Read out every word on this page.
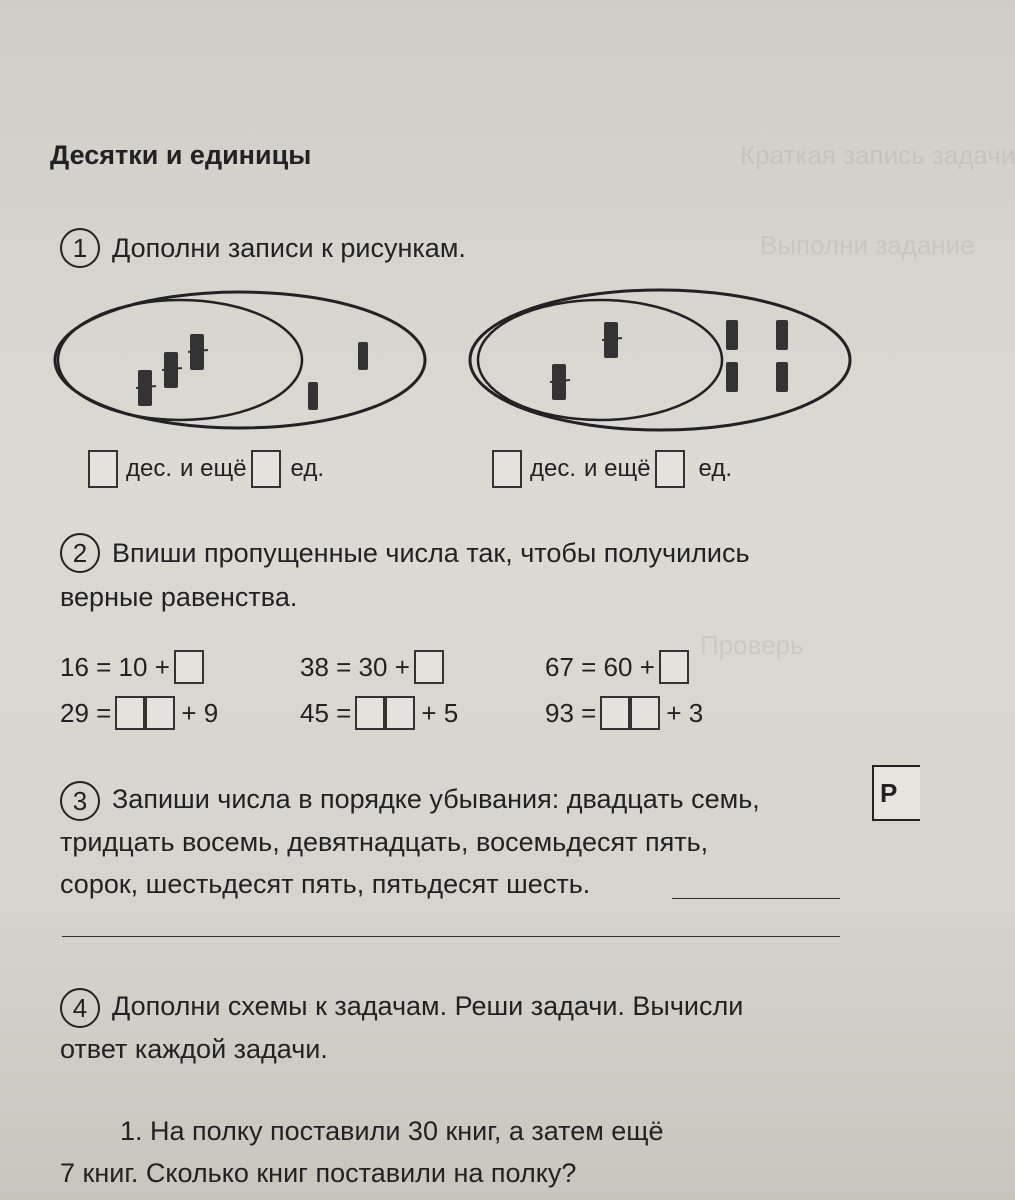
Краткая запись задачи
Выполни задание
Проверь
Десятки и единицы
1 Дополни записи к рисункам.
дес. и ещё ед.	дес. и ещё ед.
2 Впиши пропущенные числа так, чтобы получились
верные равенства.
16 = 10 +	38 = 30 +	67 = 60 +
29 =	+ 9	45 =	+ 5	93 =	+ 3
3 Запиши числа в порядке убывания: двадцать семь,
тридцать восемь, девятнадцать, восемьдесят пять,
сорок, шестьдесят пять, пятьдесят шесть.
4 Дополни схемы к задачам. Реши задачи. Вычисли
ответ каждой задачи.
1. На полку поставили 30 книг, а затем ещё
7 книг. Сколько книг поставили на полку?
Р
